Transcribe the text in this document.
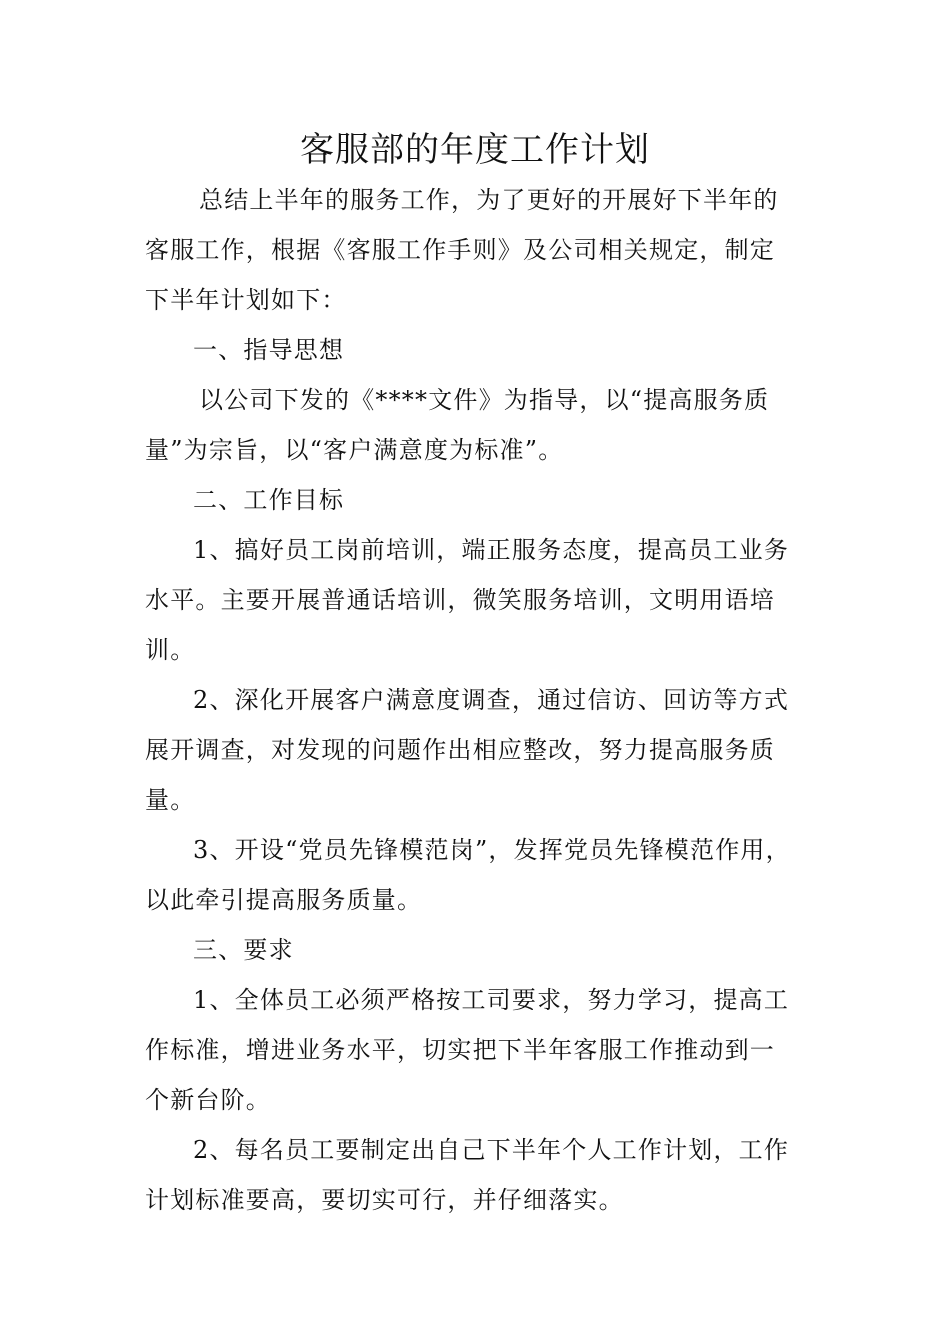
客服部的年度工作计划

总结上半年的服务工作，为了更好的开展好下半年的

客服工作，根据《客服工作手则》及公司相关规定，制定

下半年计划如下：

一、指导思想

以公司下发的《****文件》为指导，以“提高服务质

量”为宗旨，以“客户满意度为标准”。

二、工作目标

1、搞好员工岗前培训，端正服务态度，提高员工业务

水平。主要开展普通话培训，微笑服务培训，文明用语培

训。

2、深化开展客户满意度调查，通过信访、回访等方式

展开调查，对发现的问题作出相应整改，努力提高服务质

量。

3、开设“党员先锋模范岗”，发挥党员先锋模范作用，

以此牵引提高服务质量。

三、要求

1、全体员工必须严格按工司要求，努力学习，提高工

作标准，增进业务水平，切实把下半年客服工作推动到一

个新台阶。

2、每名员工要制定出自己下半年个人工作计划，工作

计划标准要高，要切实可行，并仔细落实。
